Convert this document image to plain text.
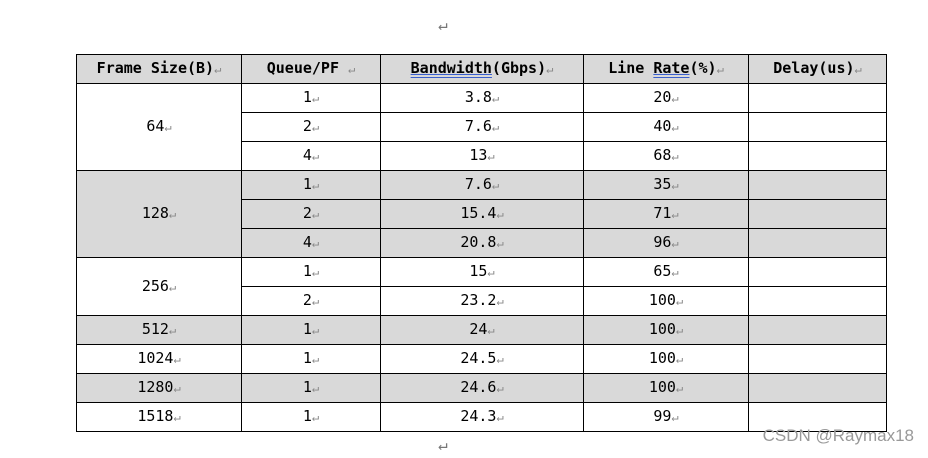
↵
Frame Size(B)↵	Queue/PF ↵	Bandwidth(Gbps)↵	Line Rate(%)↵	Delay(us)↵
64↵	1↵	3.8↵	20↵	
	2↵	7.6↵	40↵	
	4↵	13↵	68↵	
128↵	1↵	7.6↵	35↵	
	2↵	15.4↵	71↵	
	4↵	20.8↵	96↵	
256↵	1↵	15↵	65↵	
	2↵	23.2↵	100↵	
512↵	1↵	24↵	100↵	
1024↵	1↵	24.5↵	100↵	
1280↵	1↵	24.6↵	100↵	
1518↵	1↵	24.3↵	99↵	
↵	CSDN @Raymax18
